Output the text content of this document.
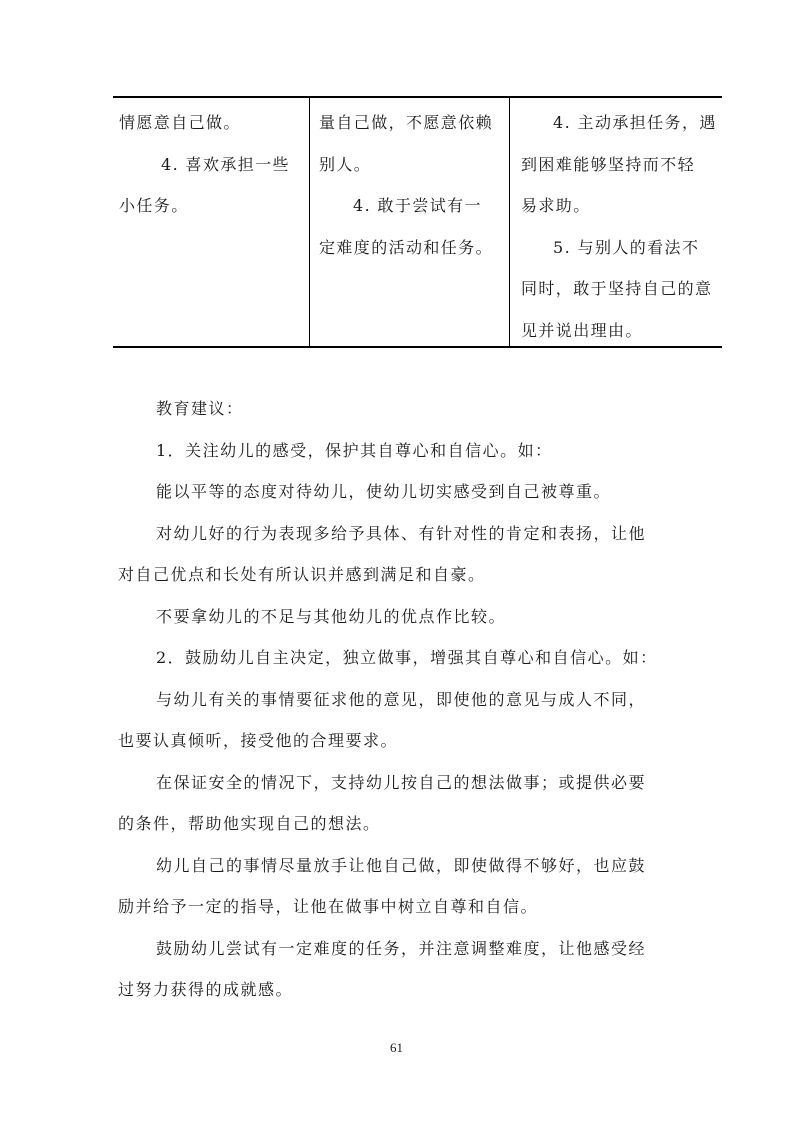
情愿意自己做。
4. 喜欢承担一些
小任务。
量自己做，不愿意依赖
别人。
4. 敢于尝试有一
定难度的活动和任务。
4. 主动承担任务，遇
到困难能够坚持而不轻
易求助。
5. 与别人的看法不
同时，敢于坚持自己的意
见并说出理由。
教育建议：
1．关注幼儿的感受，保护其自尊心和自信心。如：
能以平等的态度对待幼儿，使幼儿切实感受到自己被尊重。
对幼儿好的行为表现多给予具体、有针对性的肯定和表扬，让他
对自己优点和长处有所认识并感到满足和自豪。
不要拿幼儿的不足与其他幼儿的优点作比较。
2．鼓励幼儿自主决定，独立做事，增强其自尊心和自信心。如：
与幼儿有关的事情要征求他的意见，即使他的意见与成人不同，
也要认真倾听，接受他的合理要求。
在保证安全的情况下，支持幼儿按自己的想法做事；或提供必要
的条件，帮助他实现自己的想法。
幼儿自己的事情尽量放手让他自己做，即使做得不够好，也应鼓
励并给予一定的指导，让他在做事中树立自尊和自信。
鼓励幼儿尝试有一定难度的任务，并注意调整难度，让他感受经
过努力获得的成就感。
61
